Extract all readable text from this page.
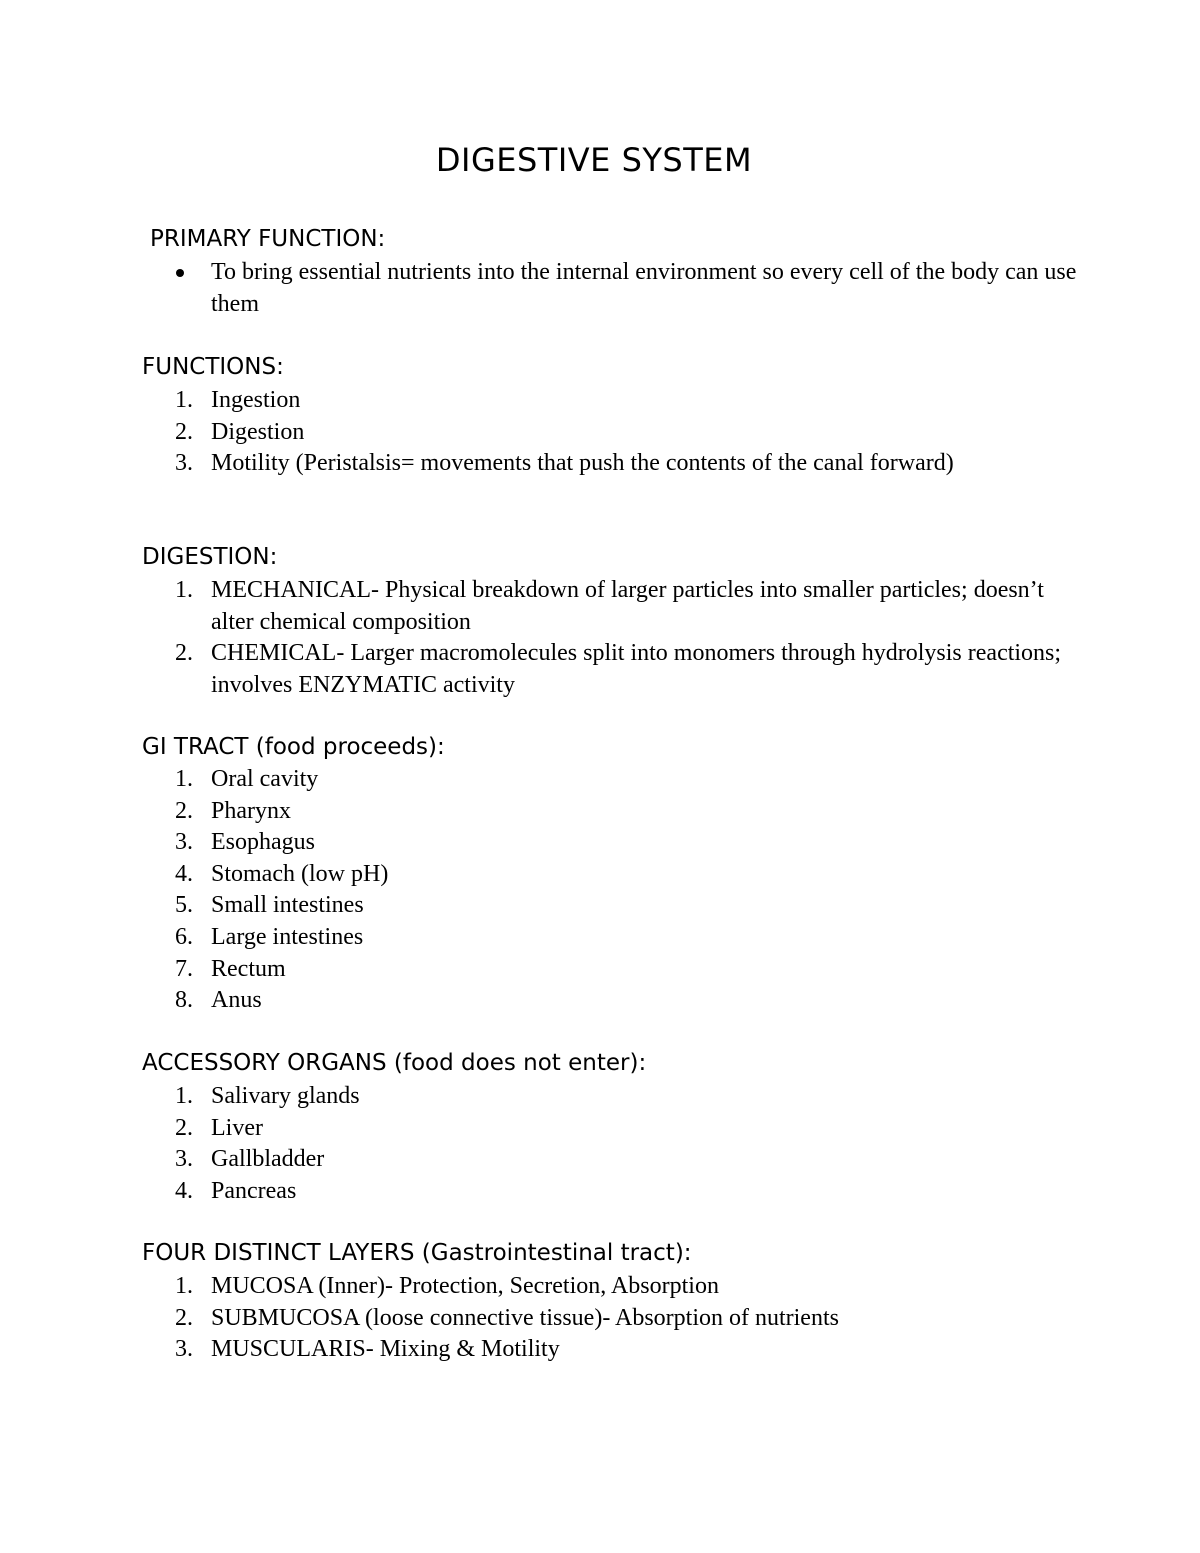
DIGESTIVE SYSTEM
PRIMARY FUNCTION:
To bring essential nutrients into the internal environment so every cell of the body can use them
FUNCTIONS:
1. Ingestion
2. Digestion
3. Motility (Peristalsis= movements that push the contents of the canal forward)
DIGESTION:
1. MECHANICAL- Physical breakdown of larger particles into smaller particles; doesn’t alter chemical composition
2. CHEMICAL- Larger macromolecules split into monomers through hydrolysis reactions; involves ENZYMATIC activity
GI TRACT (food proceeds):
1. Oral cavity
2. Pharynx
3. Esophagus
4. Stomach (low pH)
5. Small intestines
6. Large intestines
7. Rectum
8. Anus
ACCESSORY ORGANS (food does not enter):
1. Salivary glands
2. Liver
3. Gallbladder
4. Pancreas
FOUR DISTINCT LAYERS (Gastrointestinal tract):
1. MUCOSA (Inner)- Protection, Secretion, Absorption
2. SUBMUCOSA (loose connective tissue)- Absorption of nutrients
3. MUSCULARIS- Mixing & Motility
